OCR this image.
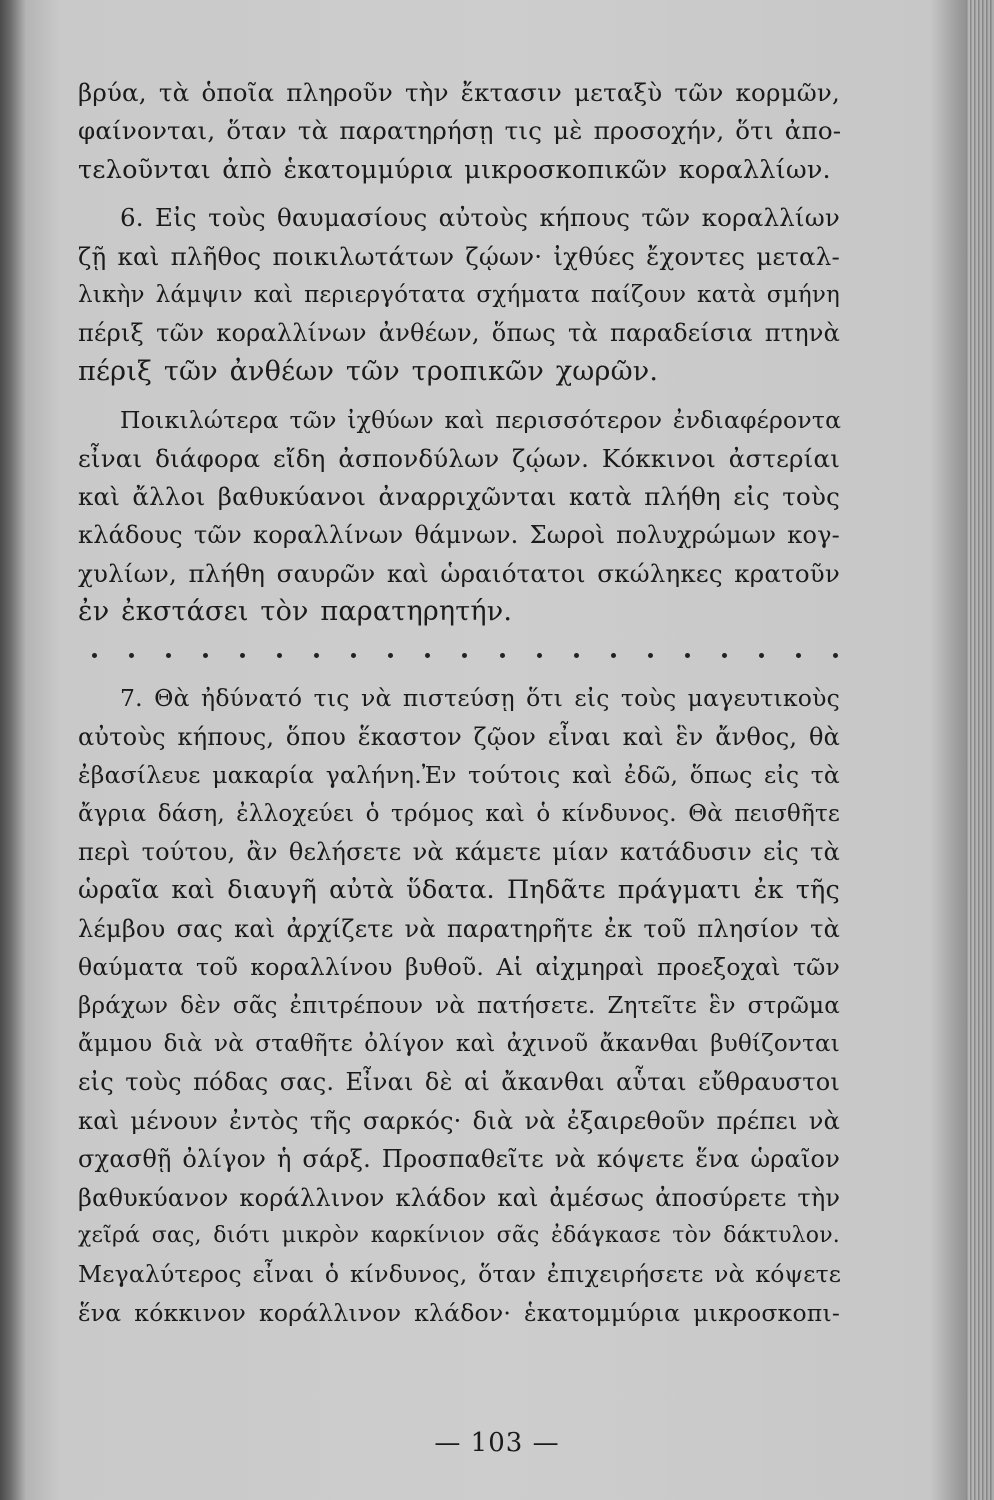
βρύα, τὰ ὁποῖα πληροῦν τὴν ἔκτασιν μεταξὺ τῶν κορμῶν,
φαίνονται, ὅταν τὰ παρατηρήσῃ τις μὲ προσοχήν, ὅτι ἀπο-
τελοῦνται ἀπὸ ἑκατομμύρια μικροσκοπικῶν κοραλλίων.
6. Εἰς τοὺς θαυμασίους αὐτοὺς κήπους τῶν κοραλλίων
ζῇ καὶ πλῆθος ποικιλωτάτων ζῴων· ἰχθύες ἔχοντες μεταλ-
λικὴν λάμψιν καὶ περιεργότατα σχήματα παίζουν κατὰ σμήνη
πέριξ τῶν κοραλλίνων ἀνθέων, ὅπως τὰ παραδείσια πτηνὰ
πέριξ τῶν ἀνθέων τῶν τροπικῶν χωρῶν.
Ποικιλώτερα τῶν ἰχθύων καὶ περισσότερον ἐνδιαφέροντα
εἶναι διάφορα εἴδη ἀσπονδύλων ζῴων. Κόκκινοι ἀστερίαι
καὶ ἄλλοι βαθυκύανοι ἀναρριχῶνται κατὰ πλήθη εἰς τοὺς
κλάδους τῶν κοραλλίνων θάμνων. Σωροὶ πολυχρώμων κογ-
χυλίων, πλήθη σαυρῶν καὶ ὡραιότατοι σκώληκες κρατοῦν
ἐν ἐκστάσει τὸν παρατηρητήν.
7. Θὰ ἠδύνατό τις νὰ πιστεύσῃ ὅτι εἰς τοὺς μαγευτικοὺς
αὐτοὺς κήπους, ὅπου ἕκαστον ζῷον εἶναι καὶ ἓν ἄνθος, θὰ
ἐβασίλευε μακαρία γαλήνη.Ἐν τούτοις καὶ ἐδῶ, ὅπως εἰς τὰ
ἄγρια δάση, ἐλλοχεύει ὁ τρόμος καὶ ὁ κίνδυνος. Θὰ πεισθῆτε
περὶ τούτου, ἂν θελήσετε νὰ κάμετε μίαν κατάδυσιν εἰς τὰ
ὡραῖα καὶ διαυγῆ αὐτὰ ὕδατα. Πηδᾶτε πράγματι ἐκ τῆς
λέμβου σας καὶ ἀρχίζετε νὰ παρατηρῆτε ἐκ τοῦ πλησίον τὰ
θαύματα τοῦ κοραλλίνου βυθοῦ. Αἱ αἰχμηραὶ προεξοχαὶ τῶν
βράχων δὲν σᾶς ἐπιτρέπουν νὰ πατήσετε. Ζητεῖτε ἓν στρῶμα
ἄμμου διὰ νὰ σταθῆτε ὀλίγον καὶ ἀχινοῦ ἄκανθαι βυθίζονται
εἰς τοὺς πόδας σας. Εἶναι δὲ αἱ ἄκανθαι αὗται εὔθραυστοι
καὶ μένουν ἐντὸς τῆς σαρκός· διὰ νὰ ἐξαιρεθοῦν πρέπει νὰ
σχασθῇ ὀλίγον ἡ σάρξ. Προσπαθεῖτε νὰ κόψετε ἕνα ὡραῖον
βαθυκύανον κοράλλινον κλάδον καὶ ἀμέσως ἀποσύρετε τὴν
χεῖρά σας, διότι μικρὸν καρκίνιον σᾶς ἐδάγκασε τὸν δάκτυλον.
Μεγαλύτερος εἶναι ὁ κίνδυνος, ὅταν ἐπιχειρήσετε νὰ κόψετε
ἕνα κόκκινον κοράλλινον κλάδον· ἑκατομμύρια μικροσκοπι-
— 103 —
